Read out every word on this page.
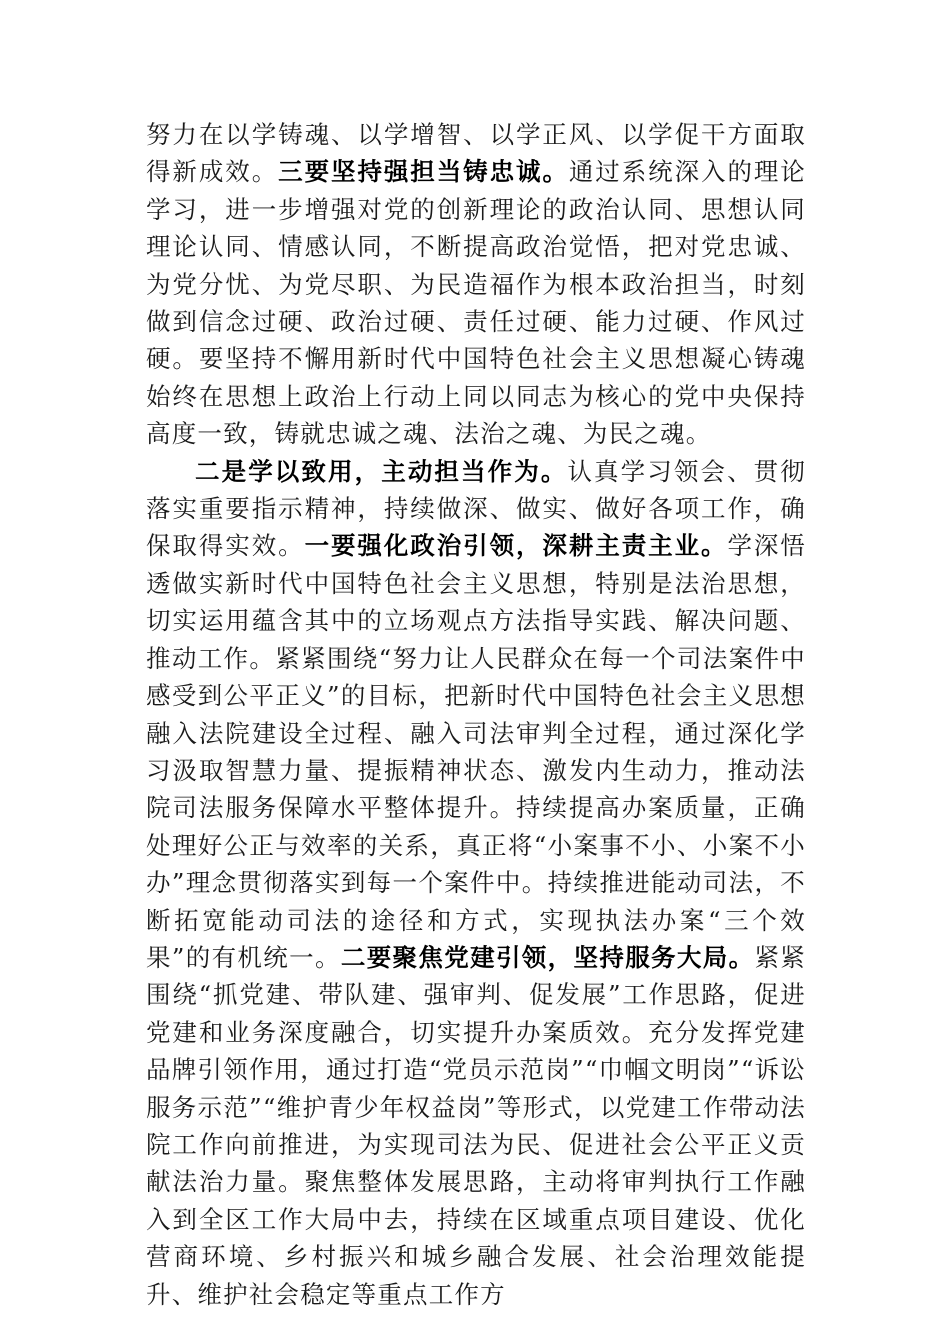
努力在以学铸魂、以学增智、以学正风、以学促干方面取得新成效。三要坚持强担当铸忠诚。通过系统深入的理论学习，进一步增强对党的创新理论的政治认同、思想认同理论认同、情感认同，不断提高政治觉悟，把对党忠诚、为党分忧、为党尽职、为民造福作为根本政治担当，时刻做到信念过硬、政治过硬、责任过硬、能力过硬、作风过硬。要坚持不懈用新时代中国特色社会主义思想凝心铸魂始终在思想上政治上行动上同以同志为核心的党中央保持高度一致，铸就忠诚之魂、法治之魂、为民之魂。

二是学以致用，主动担当作为。认真学习领会、贯彻落实重要指示精神，持续做深、做实、做好各项工作，确保取得实效。一要强化政治引领，深耕主责主业。学深悟透做实新时代中国特色社会主义思想，特别是法治思想，切实运用蕴含其中的立场观点方法指导实践、解决问题、推动工作。紧紧围绕“努力让人民群众在每一个司法案件中感受到公平正义”的目标，把新时代中国特色社会主义思想融入法院建设全过程、融入司法审判全过程，通过深化学习汲取智慧力量、提振精神状态、激发内生动力，推动法院司法服务保障水平整体提升。持续提高办案质量，正确处理好公正与效率的关系，真正将“小案事不小、小案不小办”理念贯彻落实到每一个案件中。持续推进能动司法，不断拓宽能动司法的途径和方式，实现执法办案“三个效果”的有机统一。二要聚焦党建引领，坚持服务大局。紧紧围绕“抓党建、带队建、强审判、促发展”工作思路，促进党建和业务深度融合，切实提升办案质效。充分发挥党建品牌引领作用，通过打造“党员示范岗”“巾帼文明岗”“诉讼服务示范”“维护青少年权益岗”等形式，以党建工作带动法院工作向前推进，为实现司法为民、促进社会公平正义贡献法治力量。聚焦整体发展思路，主动将审判执行工作融入到全区工作大局中去，持续在区域重点项目建设、优化营商环境、乡村振兴和城乡融合发展、社会治理效能提升、维护社会稳定等重点工作方
